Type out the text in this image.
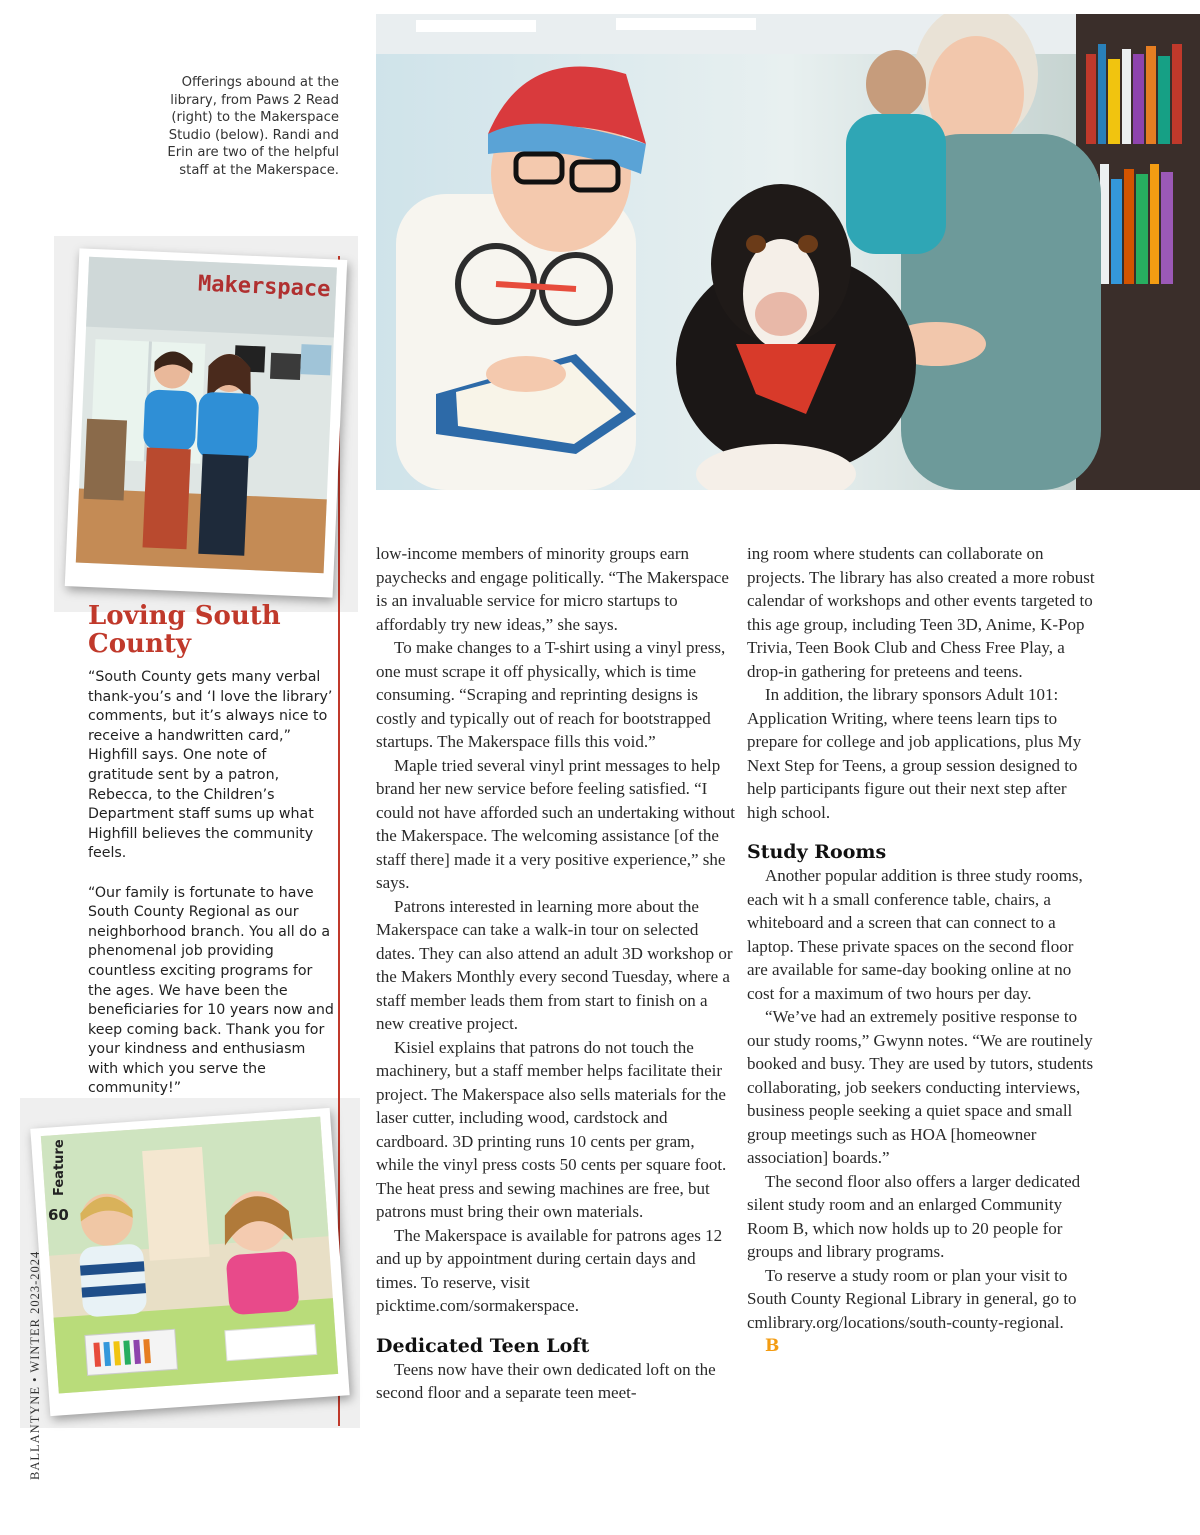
Offerings abound at the library, from Paws 2 Read (right) to the Makerspace Studio (below). Randi and Erin are two of the helpful staff at the Makerspace.
Makerspace
Loving South County

“South County gets many verbal thank-you’s and ‘I love the library’ comments, but it’s always nice to receive a handwritten card,” Highfill says. One note of gratitude sent by a patron, Rebecca, to the Children’s Department staff sums up what Highfill believes the community feels.

“Our family is fortunate to have South County Regional as our neighborhood branch. You all do a phenomenal job providing countless exciting programs for the ages. We have been the beneficiaries for 10 years now and keep coming back. Thank you for your kindness and enthusiasm with which you serve the community!”

low-income members of minority groups earn paychecks and engage politically. “The Makerspace is an invaluable service for micro startups to affordably try new ideas,” she says.

To make changes to a T-shirt using a vinyl press, one must scrape it off physically, which is time consuming. “Scraping and reprinting designs is costly and typically out of reach for bootstrapped startups. The Makerspace fills this void.”

Maple tried several vinyl print messages to help brand her new service before feeling satisfied. “I could not have afforded such an undertaking without the Makerspace. The welcoming assistance [of the staff there] made it a very positive experience,” she says.

Patrons interested in learning more about the Makerspace can take a walk-in tour on selected dates. They can also attend an adult 3D workshop or the Makers Monthly every second Tuesday, where a staff member leads them from start to finish on a new creative project.

Kisiel explains that patrons do not touch the machinery, but a staff member helps facilitate their project. The Makerspace also sells materials for the laser cutter, including wood, cardstock and cardboard. 3D printing runs 10 cents per gram, while the vinyl press costs 50 cents per square foot. The heat press and sewing machines are free, but patrons must bring their own materials.

The Makerspace is available for patrons ages 12 and up by appointment during certain days and times. To reserve, visit picktime.com/sormakerspace.

Dedicated Teen Loft

Teens now have their own dedicated loft on the second floor and a separate teen meet-

ing room where students can collaborate on projects. The library has also created a more robust calendar of workshops and other events targeted to this age group, including Teen 3D, Anime, K-Pop Trivia, Teen Book Club and Chess Free Play, a drop-in gathering for preteens and teens.

In addition, the library sponsors Adult 101: Application Writing, where teens learn tips to prepare for college and job applications, plus My Next Step for Teens, a group session designed to help participants figure out their next step after high school.

Study Rooms

Another popular addition is three study rooms, each wit h a small conference table, chairs, a whiteboard and a screen that can connect to a laptop. These private spaces on the second floor are available for same-day booking online at no cost for a maximum of two hours per day.

“We’ve had an extremely positive response to our study rooms,” Gwynn notes. “We are routinely booked and busy. They are used by tutors, students collaborating, job seekers conducting interviews, business people seeking a quiet space and small group meetings such as HOA [homeowner association] boards.”

The second floor also offers a larger dedicated silent study room and an enlarged Community Room B, which now holds up to 20 people for groups and library programs.

To reserve a study room or plan your visit to South County Regional Library in general, go to cmlibrary.org/locations/south-county-regional. B

Feature
60
BALLANTYNE • WINTER 2023-2024
